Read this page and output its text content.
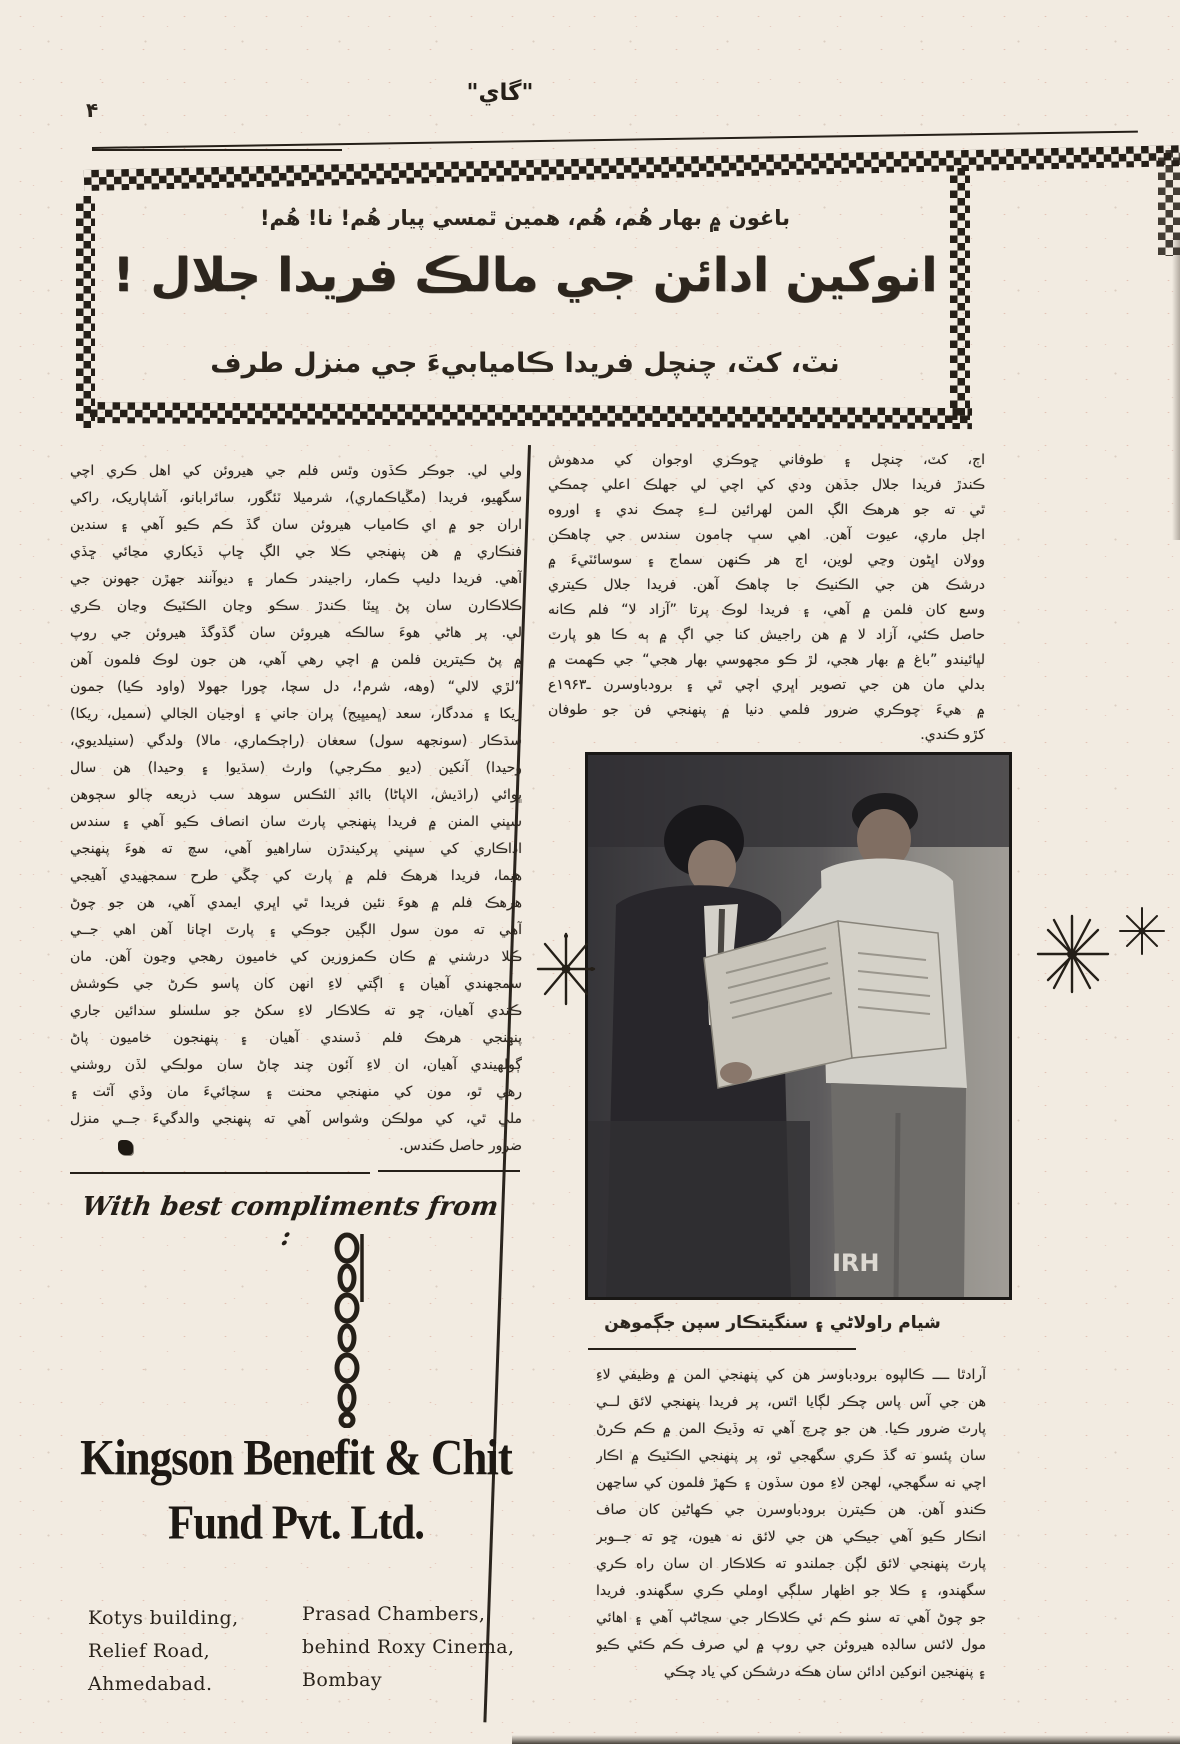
۴
"گاي"
باغون ۾ بهار هُم، هُم، همين ٿمسي پيار هُم! نا! هُم!
انوکين ادائن جي مالڪ فريدا جلال !
نٽ، کٽ، چنچل فريدا ڪاميابيءَ جي منزل طرف
اڄ، کٽ، چنچل ۽ طوفاني ڇوڪري اوجوان کي مدهوش
ڪندڙ فريدا جلال جڏهن ودي کي اچي لي جهلڪ اعلي چمڪي
ٿي ته جو هرهڪ الڳ المن لهرائين لــءِ چمڪ ندي ۽ اوروه
اڄل ماري، عيوت آهن. اهي سڀ ڄامون سندس جي چاهڪن
وولان اڀڻون وڃي لوين، اڄ هر ڪنهن سماج ۽ سوسائٽيءَ ۾
درشڪ هن جي الڪنيڪ جا چاهڪ آهن. فريدا جلال ڪيتري
وسع کان فلمن ۾ آهي، ۽ فريدا لوڪ پرتا ”آزاد لا“ فلم ڪانه
حاصل ڪئي، آزاد لا ۾ هن راجيش کنا جي اڳ ۾ ٻه ڪا هو پارٽ
لڀائيندو ”باغ ۾ بهار هجي، لڙ ڪو مجهوسي بهار هجي“ جي ڪهمت ۾
بدلي مان هن جي تصوير اڀري اچي ٿي ۽ برودباوسرن ـ۱۹۶۳ع
۾ هيءَ چوڪري ضرور فلمي دنيا ۾ پنهنجي فن جو طوفان
کڙو ڪندي.
ولي لي. جوڪر ڪڏون وٿس فلم جي هيروئن کي اهل ڪري اچي
سگهيو، فريدا (مڱياڪماري)، شرميلا ٽئگور، سائرابانو، آشاپاريک، راکي
اران جو ۾ اي ڪامياب هيروئن سان گڏ ڪم ڪيو آهي ۽ سندين
فنڪاري ۾ هن پنهنجي ڪلا جي الڳ ڇاپ ڏيکاري مڃائي ڇڏي
آهي. فريدا دليپ ڪمار، راجيندر ڪمار ۽ ديوآنند جهڙن جهونن جي
ڪلاڪارن سان پڻ ڀيٽا ڪندڙ سڪو وڃان الڪٽيڪ وڃان ڪري
لي. پر هاڻي هوءَ سالڪه هيروئن سان گڏوگڏ هيروئن جي روپ
۾ پڻ ڪيترين فلمن ۾ اچي رهي آهي، هن جون لوڪ فلمون آهن
”لڙي لالي“ (وهه، شرم!، دل سچا، چورا جهولا (واود ڪيا) جمون
ريکا ۽ مددگار، سعد (ڀميڀيج) پران جاني ۽ اوجيان الجالي (سميل، ريکا)
سڌڪار (سونجهه سول) سعغان (راڄڪماري، مالا) ولدگي (سنيلديوي،
وحيدا) آنکين (ديو مڪرجي) وارث (سڌيوا ۽ وحيدا) هن سال
ڀوائي (راڌيش، الاپاڻا) باائڊ الئڪس سوهد سب ذريعه چالو سڄوهن
سڀني المنن ۾ فريدا پنهنجي پارٽ سان انصاف ڪيو آهي ۽ سندس
اداڪاري کي سڀني پرکيندڙن ساراهيو آهي، سچ ته هوءَ پنهنجي
هيما، فريدا هرهڪ فلم ۾ پارٽ کي چڱي طرح سمجهيدي آهيجي
هرهڪ فلم ۾ هوءَ نئين فريدا ٿي اڀري ايمدي آهي، هن جو چوڻ
آهي ته مون سول الڳين جوڪي ۽ پارٽ اچانا آهن اهي جــي
ڪلا درشني ۾ ڪان ڪمزورين کي خاميون رهجي وڃون آهن. مان
سمجهندي آهيان ۽ اڳتي لاءِ انهن کان پاسو ڪرڻ جي ڪوشش
ڪندي آهيان، ڇو ته ڪلاڪار لاءِ سکڻ جو سلسلو سدائين جاري
پنهنجي هرهڪ فلم ڏسندي آهيان ۽ پنهنجون خاميون پاڻ
ڳولهيندي آهيان، ان لاءِ آئون چند چاڻ سان مولڪي لڏن روشني
رهي ٿو، مون کي منهنجي محنت ۽ سچائيءَ مان وڏي آٿت ۽
ملي ٿي، کي مولڪن وشواس آهي ته پنهنجي والدگيءَ جــي منزل
ضرور حاصل ڪندس.
IRH
شيام راولاڻي ۽ سنگيتڪار سپن جڳموهن
آرادٿا ــــ ڪالپوه برودباوسر هن کي پنهنجي المن ۾ وظيفي لاءِ
هن جي آس پاس چڪر لڳايا اٿس، پر فريدا پنهنجي لائق لــي
پارٽ ضرور ڪيا. هن جو چرچ آهي ته وڏيڪ المن ۾ ڪم ڪرڻ
سان پئسو ته گڏ ڪري سگهجي ٿو، پر پنهنجي الڪٽيڪ ۾ اڪار
اچي نه سگهجي، لهجن لاءِ مون سڏون ۽ ڪهڙ فلمون کي ساڃهن
ڪندو آهن. هن ڪيترن برودباوسرن جي ڪهاڻين کان صاف
انڪار ڪيو آهي جيڪي هن جي لائق نه هيون، ڇو ته جــوبر
پارٽ پنهنجي لائق لڳن جملندو ته ڪلاڪار ان سان راه ڪري
سگهندو، ۽ ڪلا جو اظهار سلڳي اوملي ڪري سگهندو. فريدا
جو چوڻ آهي ته سٺو ڪم ئي ڪلاڪار جي سڃاڻپ آهي ۽ اهائي
مول لائس سالڊه هيروئن جي روپ ۾ لي صرف ڪم ڪئي ڪيو
۽ پنهنجين انوکين ادائن سان هڪه درشڪن کي ياد چڪي
With best compliments from :
Kingson Benefit & Chit
Fund Pvt. Ltd.
Kotys building,
Relief Road,
Ahmedabad.
Prasad Chambers,
behind Roxy Cinema,
Bombay
